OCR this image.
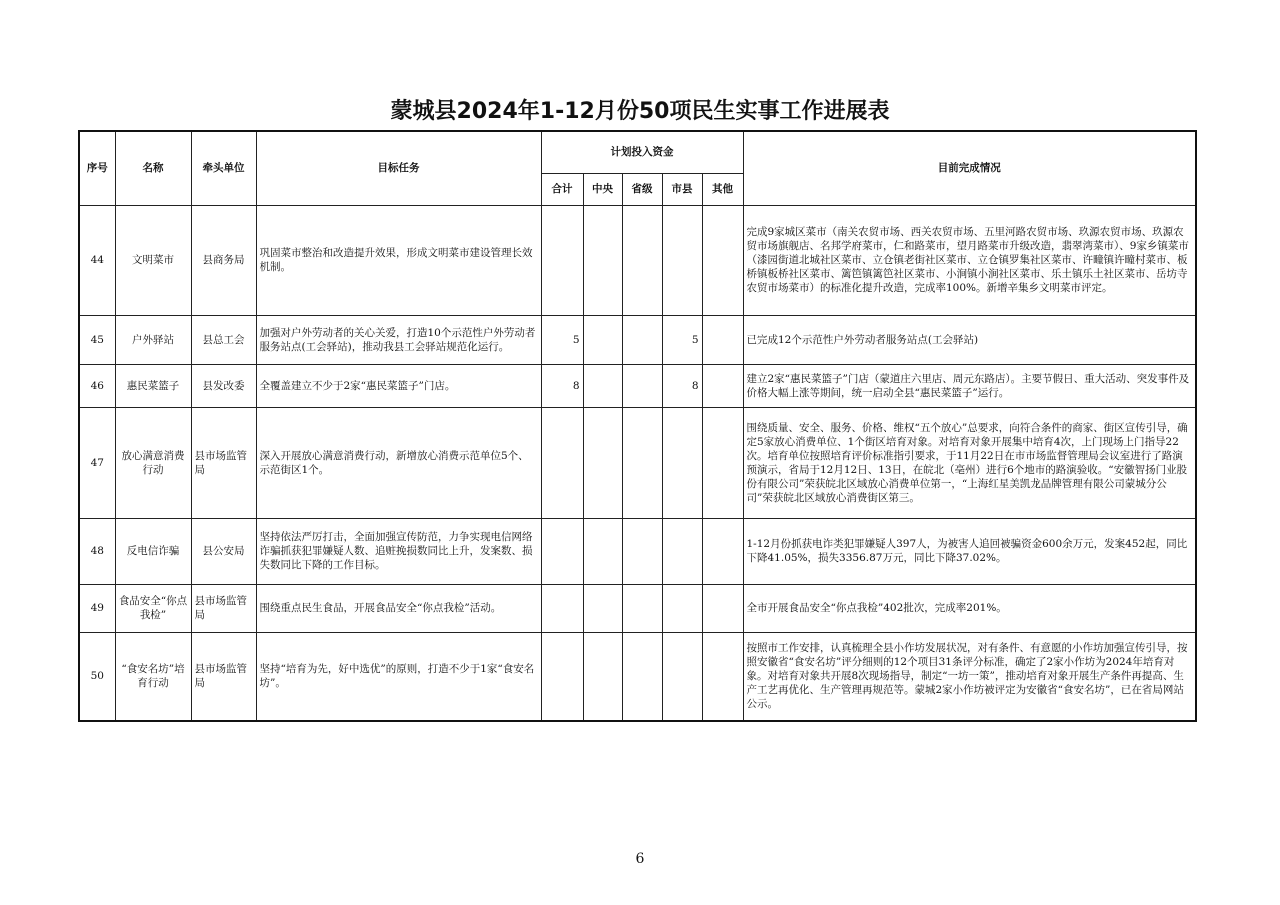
蒙城县2024年1-12月份50项民生实事工作进展表
序号	名称	牵头单位	目标任务	计划投入资金					目前完成情况
				合计	中央	省级	市县	其他	
44	文明菜市	县商务局	巩固菜市整治和改造提升效果，形成文明菜市建设管理长效机制。						完成9家城区菜市（南关农贸市场、西关农贸市场、五里河路农贸市场、玖源农贸市场、玖源农贸市场旗舰店、名邦学府菜市，仁和路菜市，望月路菜市升级改造，翡翠湾菜市）、9家乡镇菜市（漆园街道北城社区菜市、立仓镇老街社区菜市、立仓镇罗集社区菜市、许疃镇许疃村菜市、板桥镇板桥社区菜市、篱笆镇篱笆社区菜市、小涧镇小涧社区菜市、乐土镇乐土社区菜市、岳坊寺农贸市场菜市）的标准化提升改造，完成率100%。新增辛集乡文明菜市评定。
45	户外驿站	县总工会	加强对户外劳动者的关心关爱，打造10个示范性户外劳动者服务站点(工会驿站)，推动我县工会驿站规范化运行。	5			5		已完成12个示范性户外劳动者服务站点(工会驿站)
46	惠民菜篮子	县发改委	全覆盖建立不少于2家“惠民菜篮子”门店。	8			8		建立2家“惠民菜篮子”门店（蒙道庄六里店、周元东路店）。主要节假日、重大活动、突发事件及价格大幅上涨等期间，统一启动全县“惠民菜篮子”运行。
47	放心满意消费行动	县市场监管局	深入开展放心满意消费行动，新增放心消费示范单位5个、示范街区1个。						围绕质量、安全、服务、价格、维权“五个放心”总要求，向符合条件的商家、街区宣传引导，确定5家放心消费单位、1个街区培育对象。对培育对象开展集中培育4次，上门现场上门指导22次。培育单位按照培育评价标准指引要求，于11月22日在市市场监督管理局会议室进行了路演预演示，省局于12月12日、13日，在皖北（亳州）进行6个地市的路演验收。“安徽智扬门业股份有限公司”荣获皖北区域放心消费单位第一，“上海红星美凯龙品牌管理有限公司蒙城分公司”荣获皖北区域放心消费街区第三。
48	反电信诈骗	县公安局	坚持依法严厉打击，全面加强宣传防范，力争实现电信网络诈骗抓获犯罪嫌疑人数、追赃挽损数同比上升，发案数、损失数同比下降的工作目标。						1-12月份抓获电诈类犯罪嫌疑人397人，为被害人追回被骗资金600余万元，发案452起，同比下降41.05%，损失3356.87万元，同比下降37.02%。
49	食品安全“你点我检”	县市场监管局	围绕重点民生食品，开展食品安全“你点我检”活动。						全市开展食品安全“你点我检”402批次，完成率201%。
50	“食安名坊”培育行动	县市场监管局	坚持“培育为先，好中选优”的原则，打造不少于1家“食安名坊”。						按照市工作安排，认真梳理全县小作坊发展状况，对有条件、有意愿的小作坊加强宣传引导，按照安徽省“食安名坊”评分细则的12个项目31条评分标准，确定了2家小作坊为2024年培育对象。对培育对象共开展8次现场指导，制定“一坊一策”，推动培育对象开展生产条件再提高、生产工艺再优化、生产管理再规范等。蒙城2家小作坊被评定为安徽省“食安名坊”，已在省局网站公示。
6
